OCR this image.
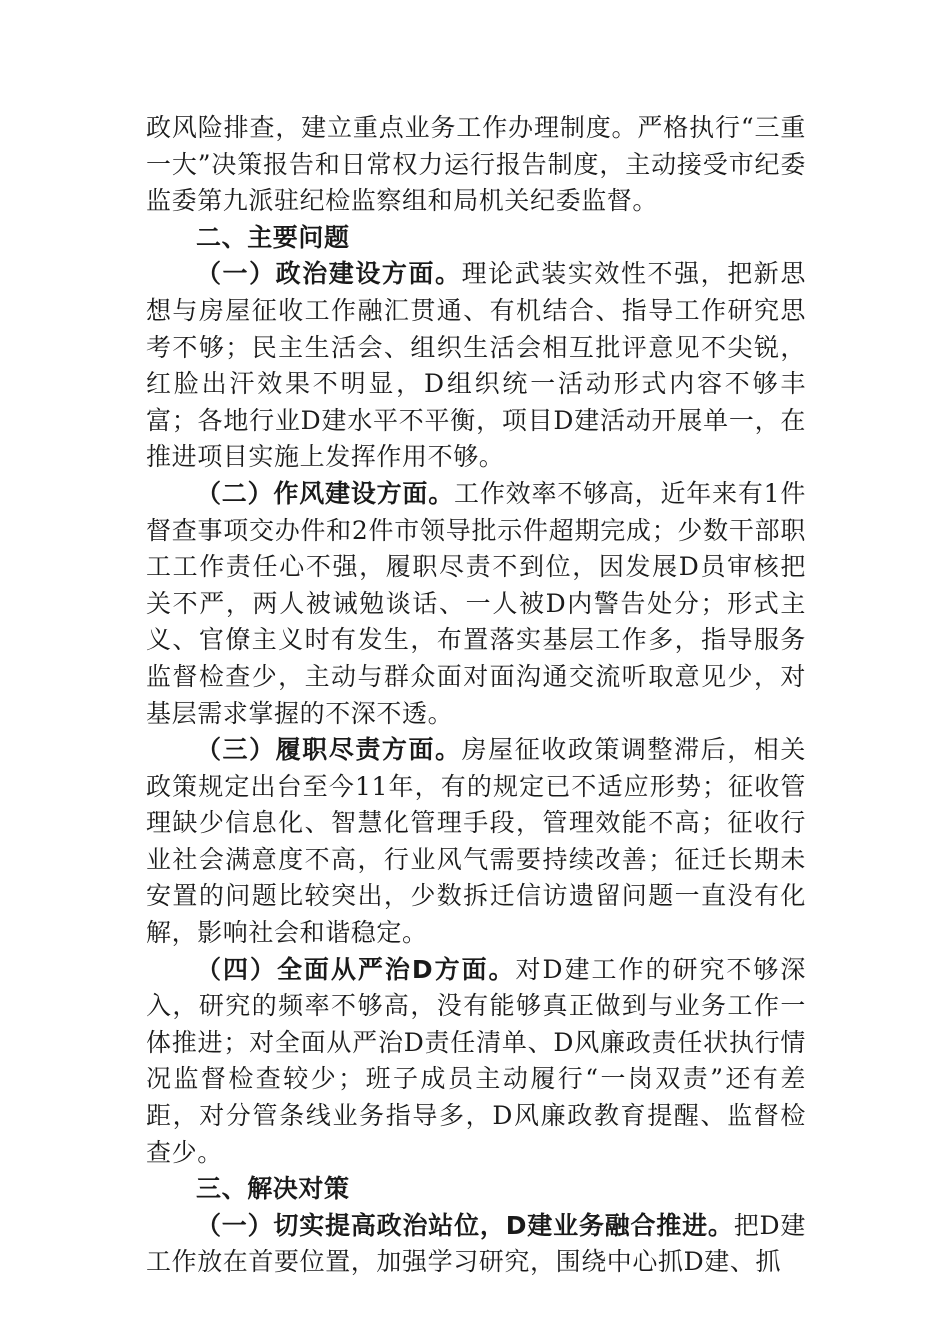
政风险排查，建立重点业务工作办理制度。严格执行“三重一大”决策报告和日常权力运行报告制度，主动接受市纪委监委第九派驻纪检监察组和局机关纪委监督。

二、主要问题

（一）政治建设方面。理论武装实效性不强，把新思想与房屋征收工作融汇贯通、有机结合、指导工作研究思考不够；民主生活会、组织生活会相互批评意见不尖锐，红脸出汗效果不明显，D组织统一活动形式内容不够丰富；各地行业D建水平不平衡，项目D建活动开展单一，在推进项目实施上发挥作用不够。

（二）作风建设方面。工作效率不够高，近年来有1件督查事项交办件和2件市领导批示件超期完成；少数干部职工工作责任心不强，履职尽责不到位，因发展D员审核把关不严，两人被诫勉谈话、一人被D内警告处分；形式主义、官僚主义时有发生，布置落实基层工作多，指导服务监督检查少，主动与群众面对面沟通交流听取意见少，对基层需求掌握的不深不透。

（三）履职尽责方面。房屋征收政策调整滞后，相关政策规定出台至今11年，有的规定已不适应形势；征收管理缺少信息化、智慧化管理手段，管理效能不高；征收行业社会满意度不高，行业风气需要持续改善；征迁长期未安置的问题比较突出，少数拆迁信访遗留问题一直没有化解，影响社会和谐稳定。

（四）全面从严治D方面。对D建工作的研究不够深入，研究的频率不够高，没有能够真正做到与业务工作一体推进；对全面从严治D责任清单、D风廉政责任状执行情况监督检查较少；班子成员主动履行“一岗双责”还有差距，对分管条线业务指导多，D风廉政教育提醒、监督检查少。

三、解决对策

（一）切实提高政治站位，D建业务融合推进。把D建工作放在首要位置，加强学习研究，围绕中心抓D建、抓
